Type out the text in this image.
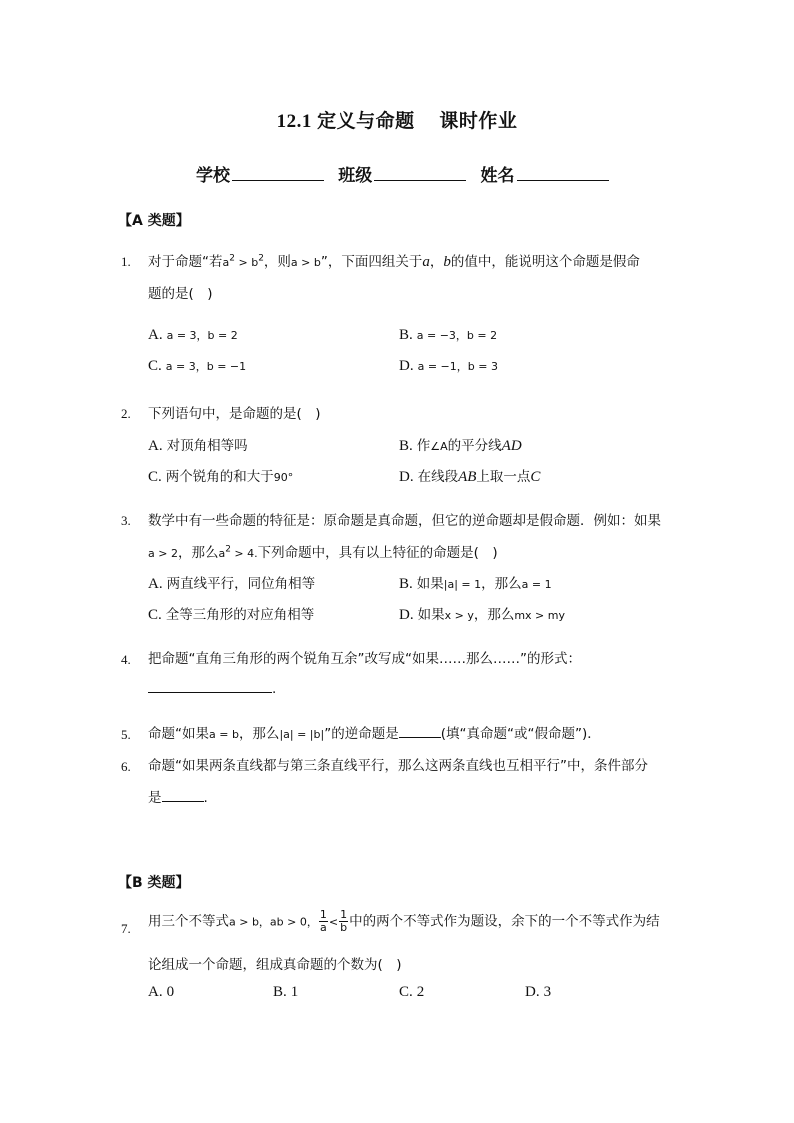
12.1 定义与命题　 课时作业
学校	班级	姓名
【A 类题】
1. 对于命题“若$a^2 > b^2$，则a > b”，下面四组关于a，b的值中，能说明这个命题是假命
题的是(　)
A. a = 3，b = 2	B. a = −3，b = 2
C. a = 3，b = −1	D. a = −1，b = 3
2. 下列语句中，是命题的是(　)
A. 对顶角相等吗	B. 作∠A的平分线AD
C. 两个锐角的和大于90°	D. 在线段AB上取一点C
3. 数学中有一些命题的特征是：原命题是真命题，但它的逆命题却是假命题．例如：如果
a > 2，那么$a^2 > 4$.下列命题中，具有以上特征的命题是(　)
A. 两直线平行，同位角相等	B. 如果|a| = 1，那么a = 1
C. 全等三角形的对应角相等	D. 如果x > y，那么mx > my
4. 把命题“直角三角形的两个锐角互余”改写成“如果……那么……”的形式：
.
5. 命题“如果a = b，那么|a| = |b|”的逆命题是	(填“真命题“或“假命题”)．
6. 命题“如果两条直线都与第三条直线平行，那么这两条直线也互相平行”中，条件部分
是	.
【B 类题】
7. 用三个不等式a > b，ab > 0， $\frac{1}{a} < \frac{1}{b}$ 中的两个不等式作为题设，余下的一个不等式作为结
论组成一个命题，组成真命题的个数为(　)
A. 0	B. 1	C. 2	D. 3
